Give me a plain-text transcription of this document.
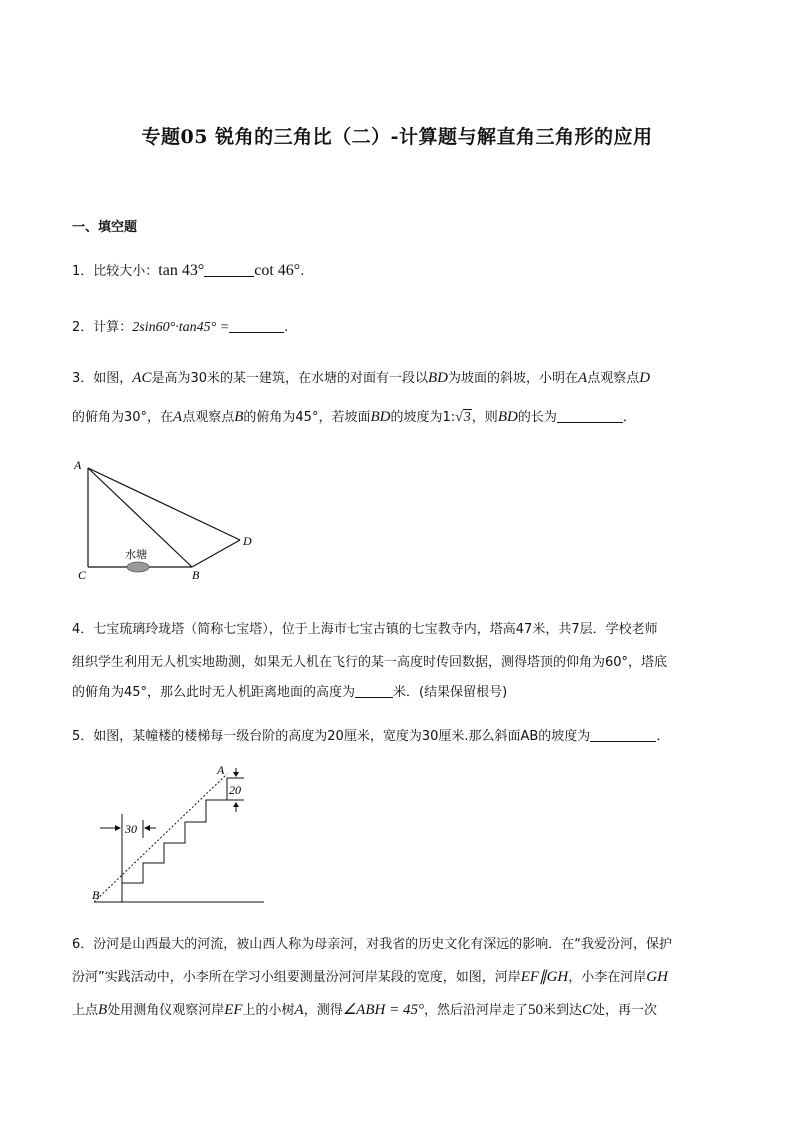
专题05 锐角的三角比（二）-计算题与解直角三角形的应用
一、填空题
1．比较大小：tan 43°	cot 46°.
2．计算：2sin60°·tan45° =	.
3．如图，AC是高为30米的某一建筑，在水塘的对面有一段以BD为坡面的斜坡，小明在A点观察点D
的俯角为30°，在A点观察点B的俯角为45°，若坡面BD的坡度为1:√3，则BD的长为	．
水塘
A
C	B
D
4．七宝琉璃玲珑塔（简称七宝塔），位于上海市七宝古镇的七宝教寺内，塔高47米，共7层．学校老师
组织学生利用无人机实地勘测，如果无人机在飞行的某一高度时传回数据，测得塔顶的仰角为60°，塔底
的俯角为45°，那么此时无人机距离地面的高度为	米．(结果保留根号)
5．如图，某幢楼的楼梯每一级台阶的高度为20厘米，宽度为30厘米.那么斜面AB的坡度为	．
20
30
A
B
6．汾河是山西最大的河流，被山西人称为母亲河，对我省的历史文化有深远的影响．在“我爱汾河，保护
汾河”实践活动中，小李所在学习小组要测量汾河河岸某段的宽度，如图，河岸EF∥GH，小李在河岸GH
上点B处用测角仪观察河岸EF上的小树A，测得∠ABH = 45°，然后沿河岸走了50米到达C处，再一次
